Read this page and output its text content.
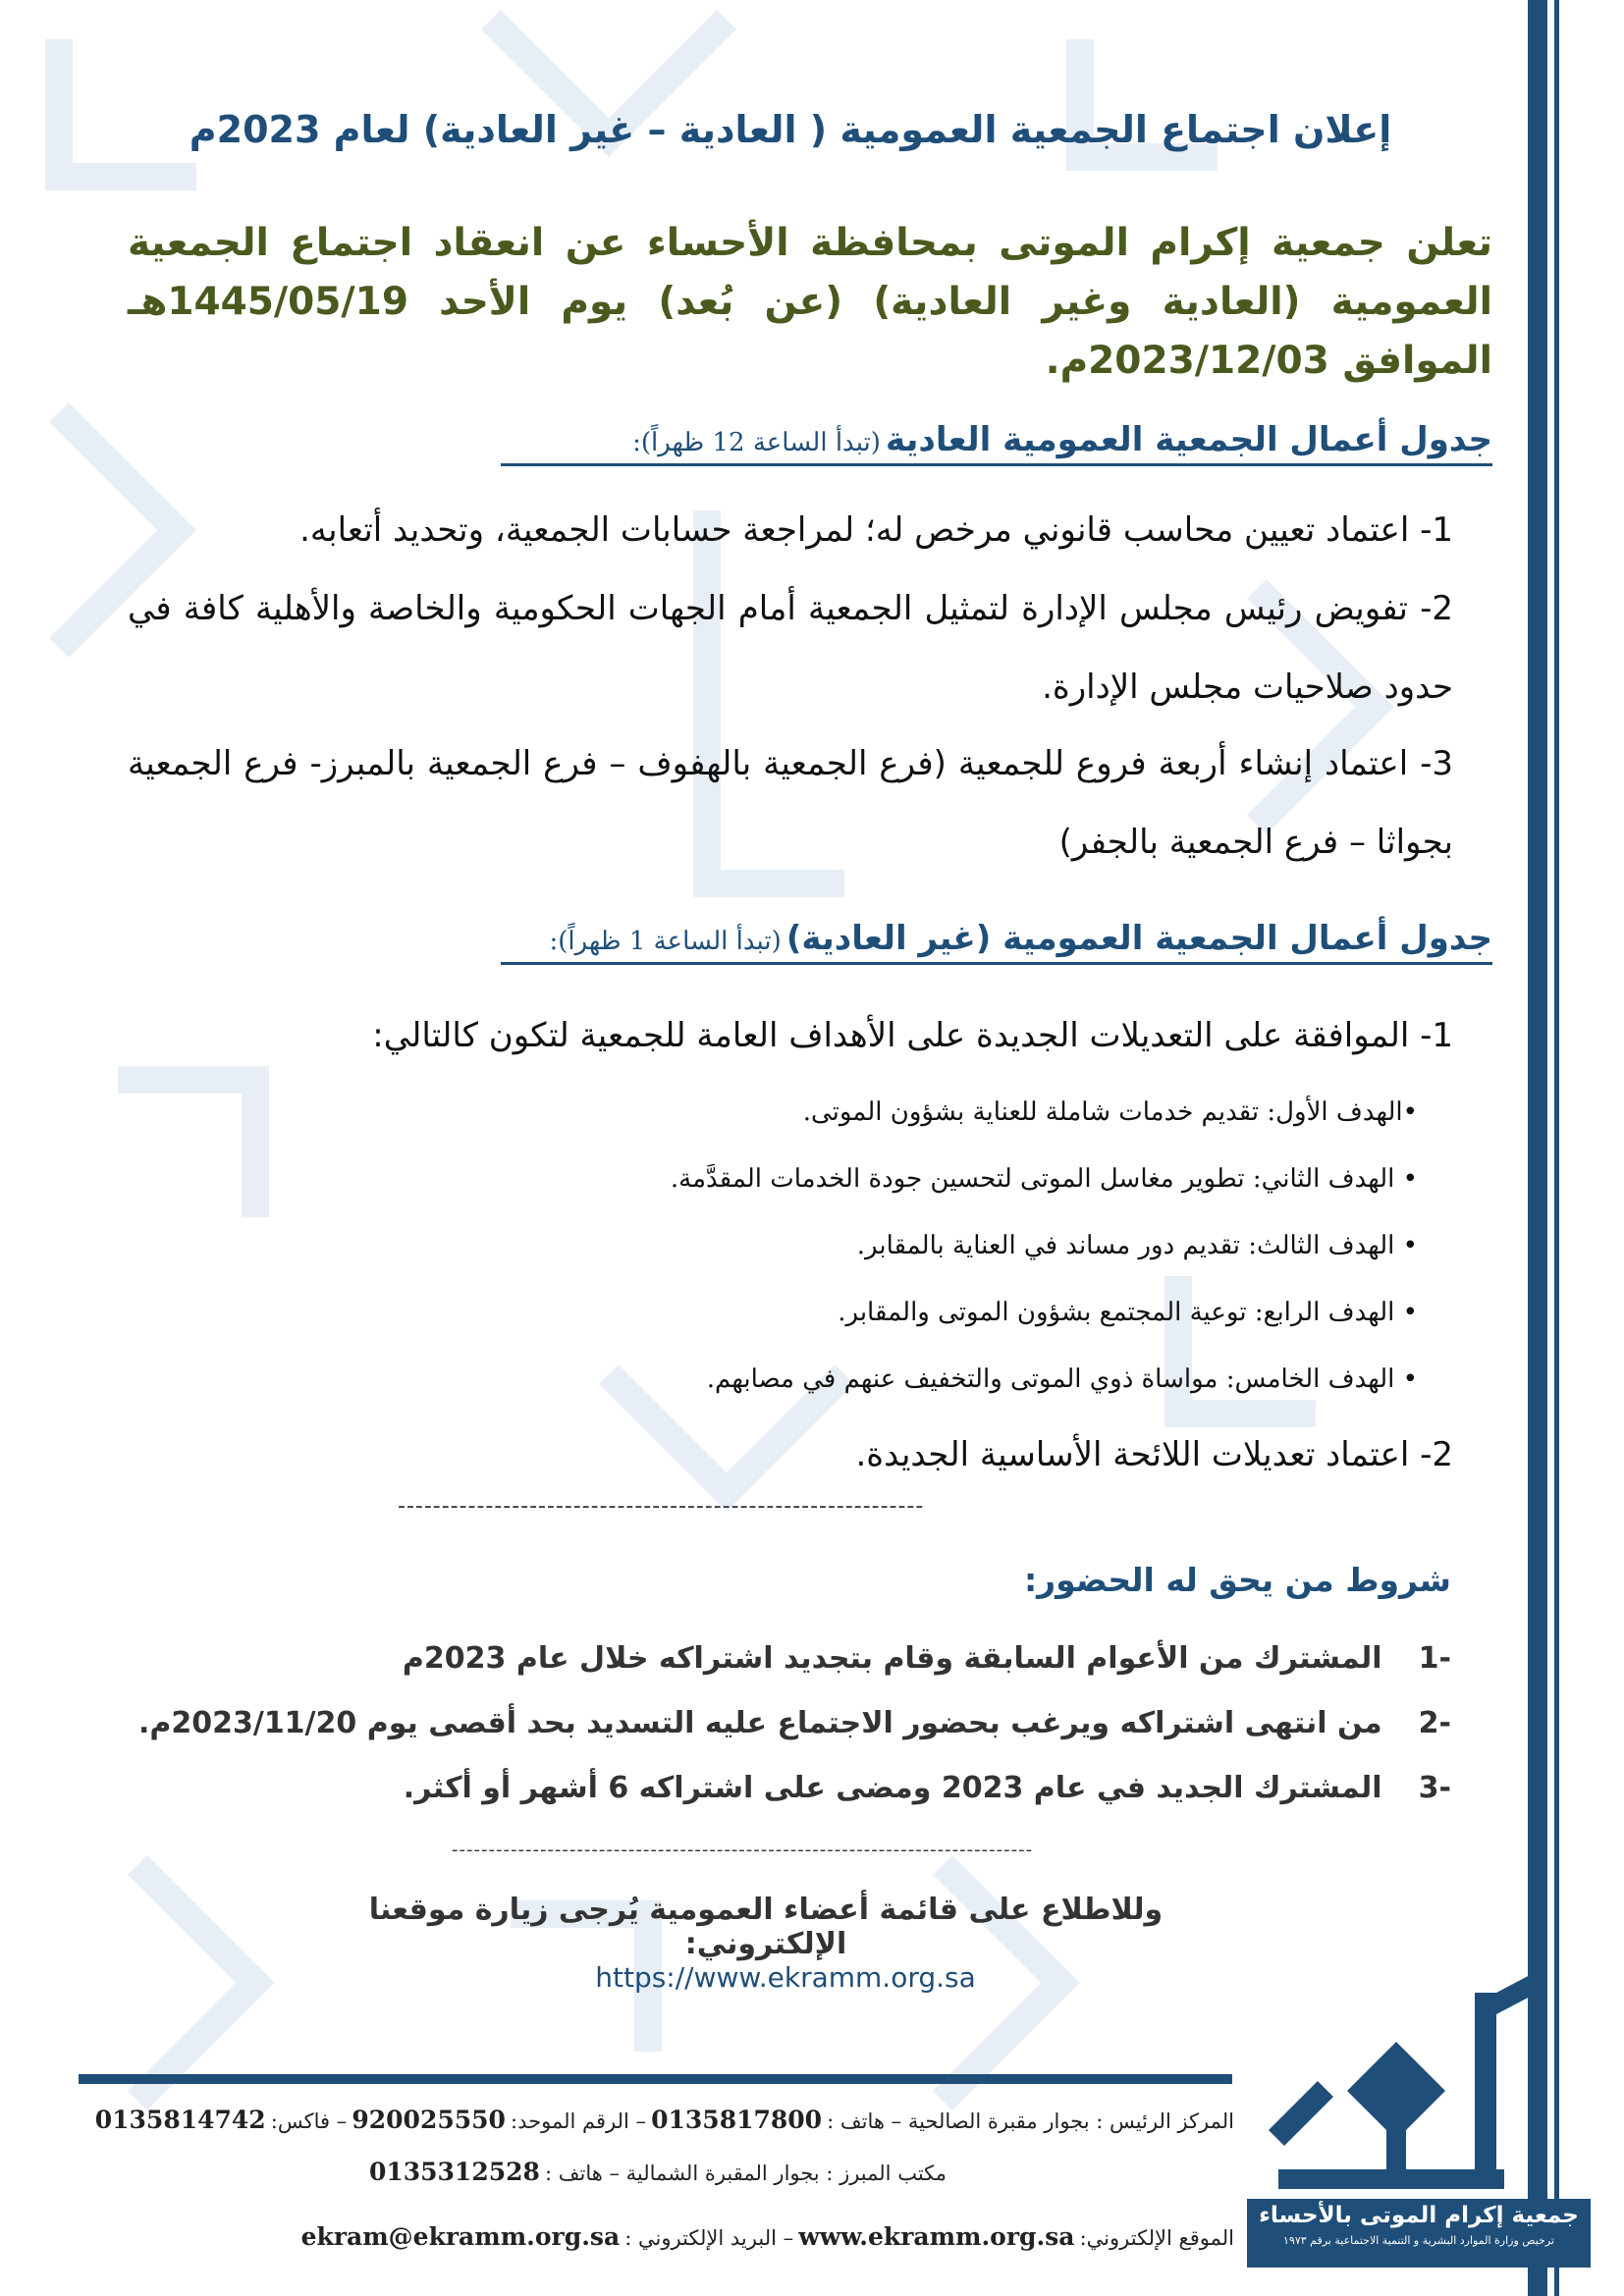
إعلان اجتماع الجمعية العمومية ( العادية – غير العادية) لعام 2023م
تعلن جمعية إكرام الموتى بمحافظة الأحساء عن انعقاد اجتماع الجمعية العمومية (العادية وغير العادية) (عن بُعد) يوم الأحد 1445/05/19هـ الموافق 2023/12/03م.
جدول أعمال الجمعية العمومية العادية (تبدأ الساعة 12 ظهراً):
1- اعتماد تعيين محاسب قانوني مرخص له؛ لمراجعة حسابات الجمعية، وتحديد أتعابه.
2- تفويض رئيس مجلس الإدارة لتمثيل الجمعية أمام الجهات الحكومية والخاصة والأهلية كافة في حدود صلاحيات مجلس الإدارة.
3- اعتماد إنشاء أربعة فروع للجمعية (فرع الجمعية بالهفوف – فرع الجمعية بالمبرز- فرع الجمعية بجواثا – فرع الجمعية بالجفر)
جدول أعمال الجمعية العمومية (غير العادية) (تبدأ الساعة 1 ظهراً):
1- الموافقة على التعديلات الجديدة على الأهداف العامة للجمعية لتكون كالتالي:
•الهدف الأول: تقديم خدمات شاملة للعناية بشؤون الموتى.
• الهدف الثاني: تطوير مغاسل الموتى لتحسين جودة الخدمات المقدَّمة.
• الهدف الثالث: تقديم دور مساند في العناية بالمقابر.
• الهدف الرابع: توعية المجتمع بشؤون الموتى والمقابر.
• الهدف الخامس: مواساة ذوي الموتى والتخفيف عنهم في مصابهم.
2- اعتماد تعديلات اللائحة الأساسية الجديدة.
------------------------------------------------------------
شروط من يحق له الحضور:
-1 المشترك من الأعوام السابقة وقام بتجديد اشتراكه خلال عام 2023م
-2 من انتهى اشتراكه ويرغب بحضور الاجتماع عليه التسديد بحد أقصى يوم 2023/11/20م.
-3 المشترك الجديد في عام 2023 ومضى على اشتراكه 6 أشهر أو أكثر.
-------------------------------------------------------------------------------
وللاطلاع على قائمة أعضاء العمومية يُرجى زيارة موقعنا الإلكتروني:
https://www.ekramm.org.sa
المركز الرئيس : بجوار مقبرة الصالحية – هاتف : 0135817800 – الرقم الموحد: 920025550 – فاكس: 0135814742
مكتب المبرز : بجوار المقبرة الشمالية – هاتف : 0135312528
الموقع الإلكتروني: www.ekramm.org.sa – البريد الإلكتروني : ekram@ekramm.org.sa
جمعية إكرام الموتى بالأحساء
ترخيص وزارة الموارد البشرية و التنمية الاجتماعية برقم ١٩٧٣
